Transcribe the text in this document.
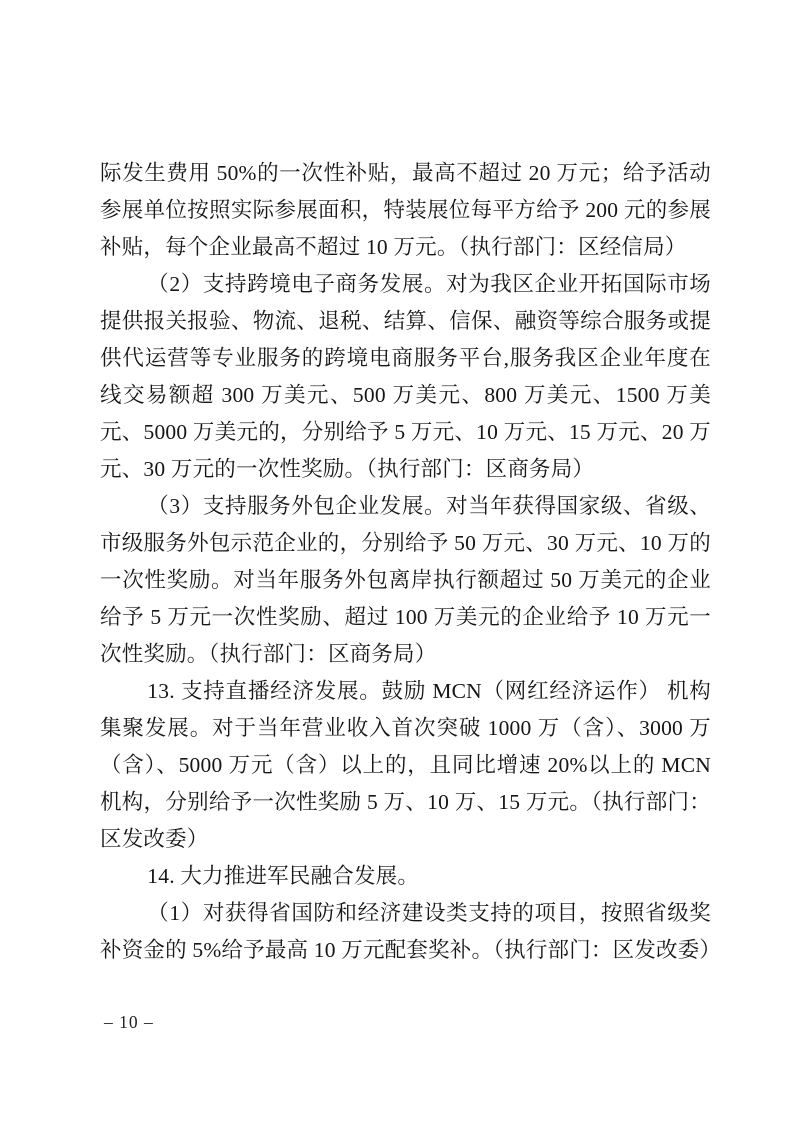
际发生费用 50%的一次性补贴，最高不超过 20 万元；给予活动参展单位按照实际参展面积，特装展位每平方给予 200 元的参展补贴，每个企业最高不超过 10 万元。（执行部门：区经信局）

（2）支持跨境电子商务发展。对为我区企业开拓国际市场提供报关报验、物流、退税、结算、信保、融资等综合服务或提供代运营等专业服务的跨境电商服务平台,服务我区企业年度在线交易额超 300 万美元、500 万美元、800 万美元、1500 万美元、5000 万美元的，分别给予 5 万元、10 万元、15 万元、20 万元、30 万元的一次性奖励。（执行部门：区商务局）

（3）支持服务外包企业发展。对当年获得国家级、省级、市级服务外包示范企业的，分别给予 50 万元、30 万元、10 万的一次性奖励。对当年服务外包离岸执行额超过 50 万美元的企业给予 5 万元一次性奖励、超过 100 万美元的企业给予 10 万元一次性奖励。（执行部门：区商务局）

13. 支持直播经济发展。鼓励 MCN（网红经济运作） 机构集聚发展。对于当年营业收入首次突破 1000 万（含）、3000 万（含）、5000 万元（含）以上的，且同比增速 20%以上的 MCN 机构，分别给予一次性奖励 5 万、10 万、15 万元。（执行部门：区发改委）

14. 大力推进军民融合发展。

（1）对获得省国防和经济建设类支持的项目，按照省级奖补资金的 5%给予最高 10 万元配套奖补。（执行部门：区发改委）

– 10 –
